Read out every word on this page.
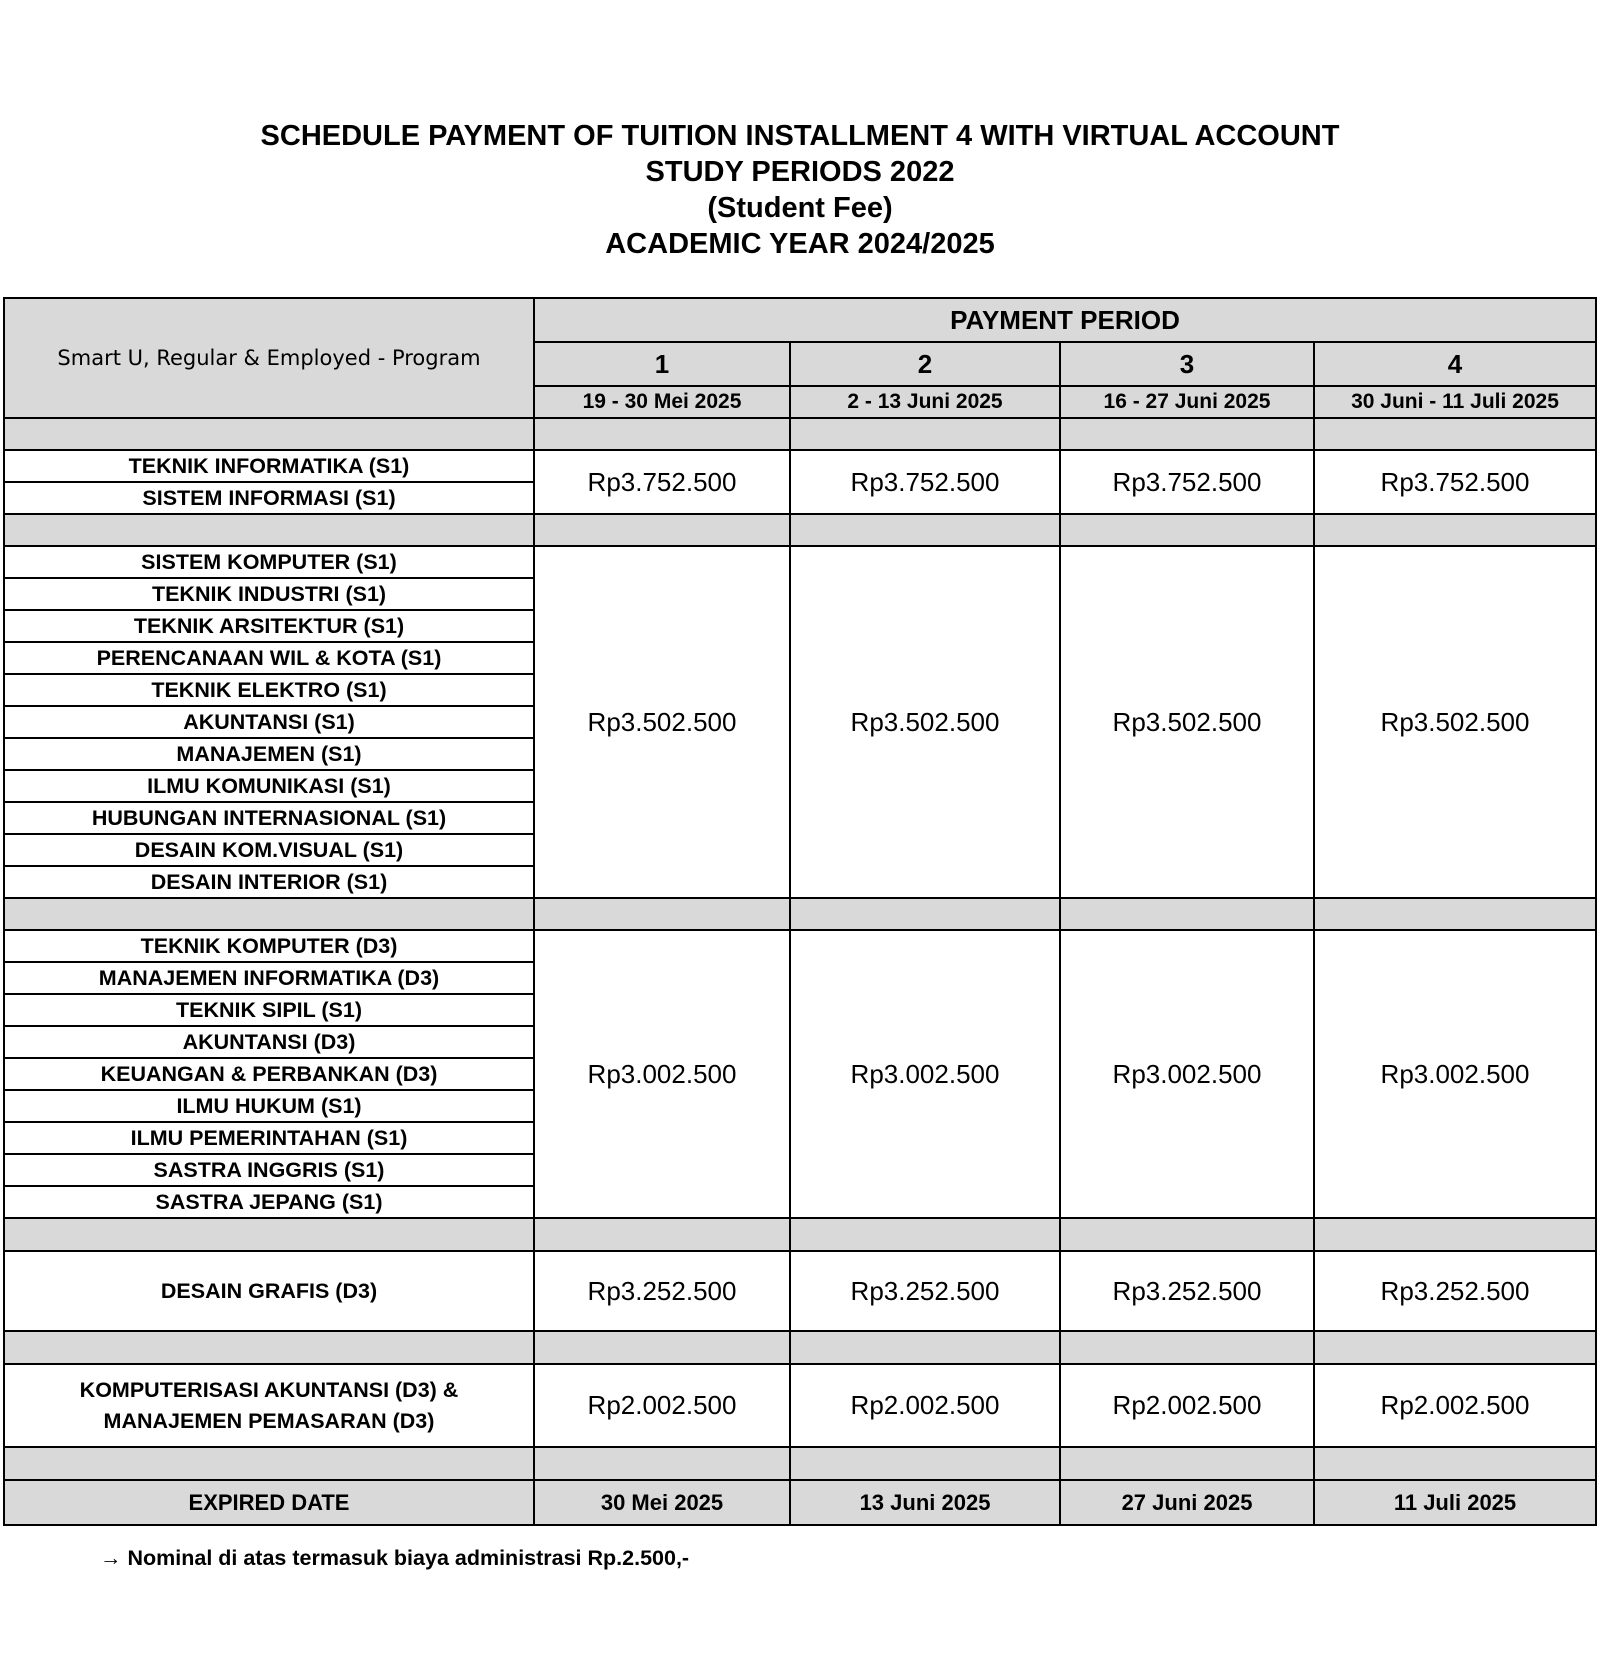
SCHEDULE PAYMENT OF TUITION INSTALLMENT 4 WITH VIRTUAL ACCOUNT
STUDY PERIODS 2022
(Student Fee)
ACADEMIC YEAR 2024/2025
Smart U, Regular & Employed - Program	PAYMENT PERIOD			
	1	2	3	4
	19 - 30 Mei 2025	2 - 13 Juni 2025	16 - 27 Juni 2025	30 Juni - 11 Juli 2025

TEKNIK INFORMATIKA (S1)	Rp3.752.500	Rp3.752.500	Rp3.752.500	Rp3.752.500
SISTEM INFORMASI (S1)				

SISTEM KOMPUTER (S1)	Rp3.502.500	Rp3.502.500	Rp3.502.500	Rp3.502.500
TEKNIK INDUSTRI (S1)				
TEKNIK ARSITEKTUR (S1)				
PERENCANAAN WIL & KOTA (S1)				
TEKNIK ELEKTRO (S1)				
AKUNTANSI (S1)				
MANAJEMEN (S1)				
ILMU KOMUNIKASI (S1)				
HUBUNGAN INTERNASIONAL (S1)				
DESAIN KOM.VISUAL (S1)				
DESAIN INTERIOR (S1)				

TEKNIK KOMPUTER (D3)	Rp3.002.500	Rp3.002.500	Rp3.002.500	Rp3.002.500
MANAJEMEN INFORMATIKA (D3)				
TEKNIK SIPIL (S1)				
AKUNTANSI (D3)				
KEUANGAN & PERBANKAN (D3)				
ILMU HUKUM (S1)				
ILMU PEMERINTAHAN (S1)				
SASTRA INGGRIS (S1)				
SASTRA JEPANG (S1)				

DESAIN GRAFIS (D3)	Rp3.252.500	Rp3.252.500	Rp3.252.500	Rp3.252.500

KOMPUTERISASI AKUNTANSI (D3) &
MANAJEMEN PEMASARAN (D3)	Rp2.002.500	Rp2.002.500	Rp2.002.500	Rp2.002.500

EXPIRED DATE	30 Mei 2025	13 Juni 2025	27 Juni 2025	11 Juli 2025
→ Nominal di atas termasuk biaya administrasi Rp.2.500,-
